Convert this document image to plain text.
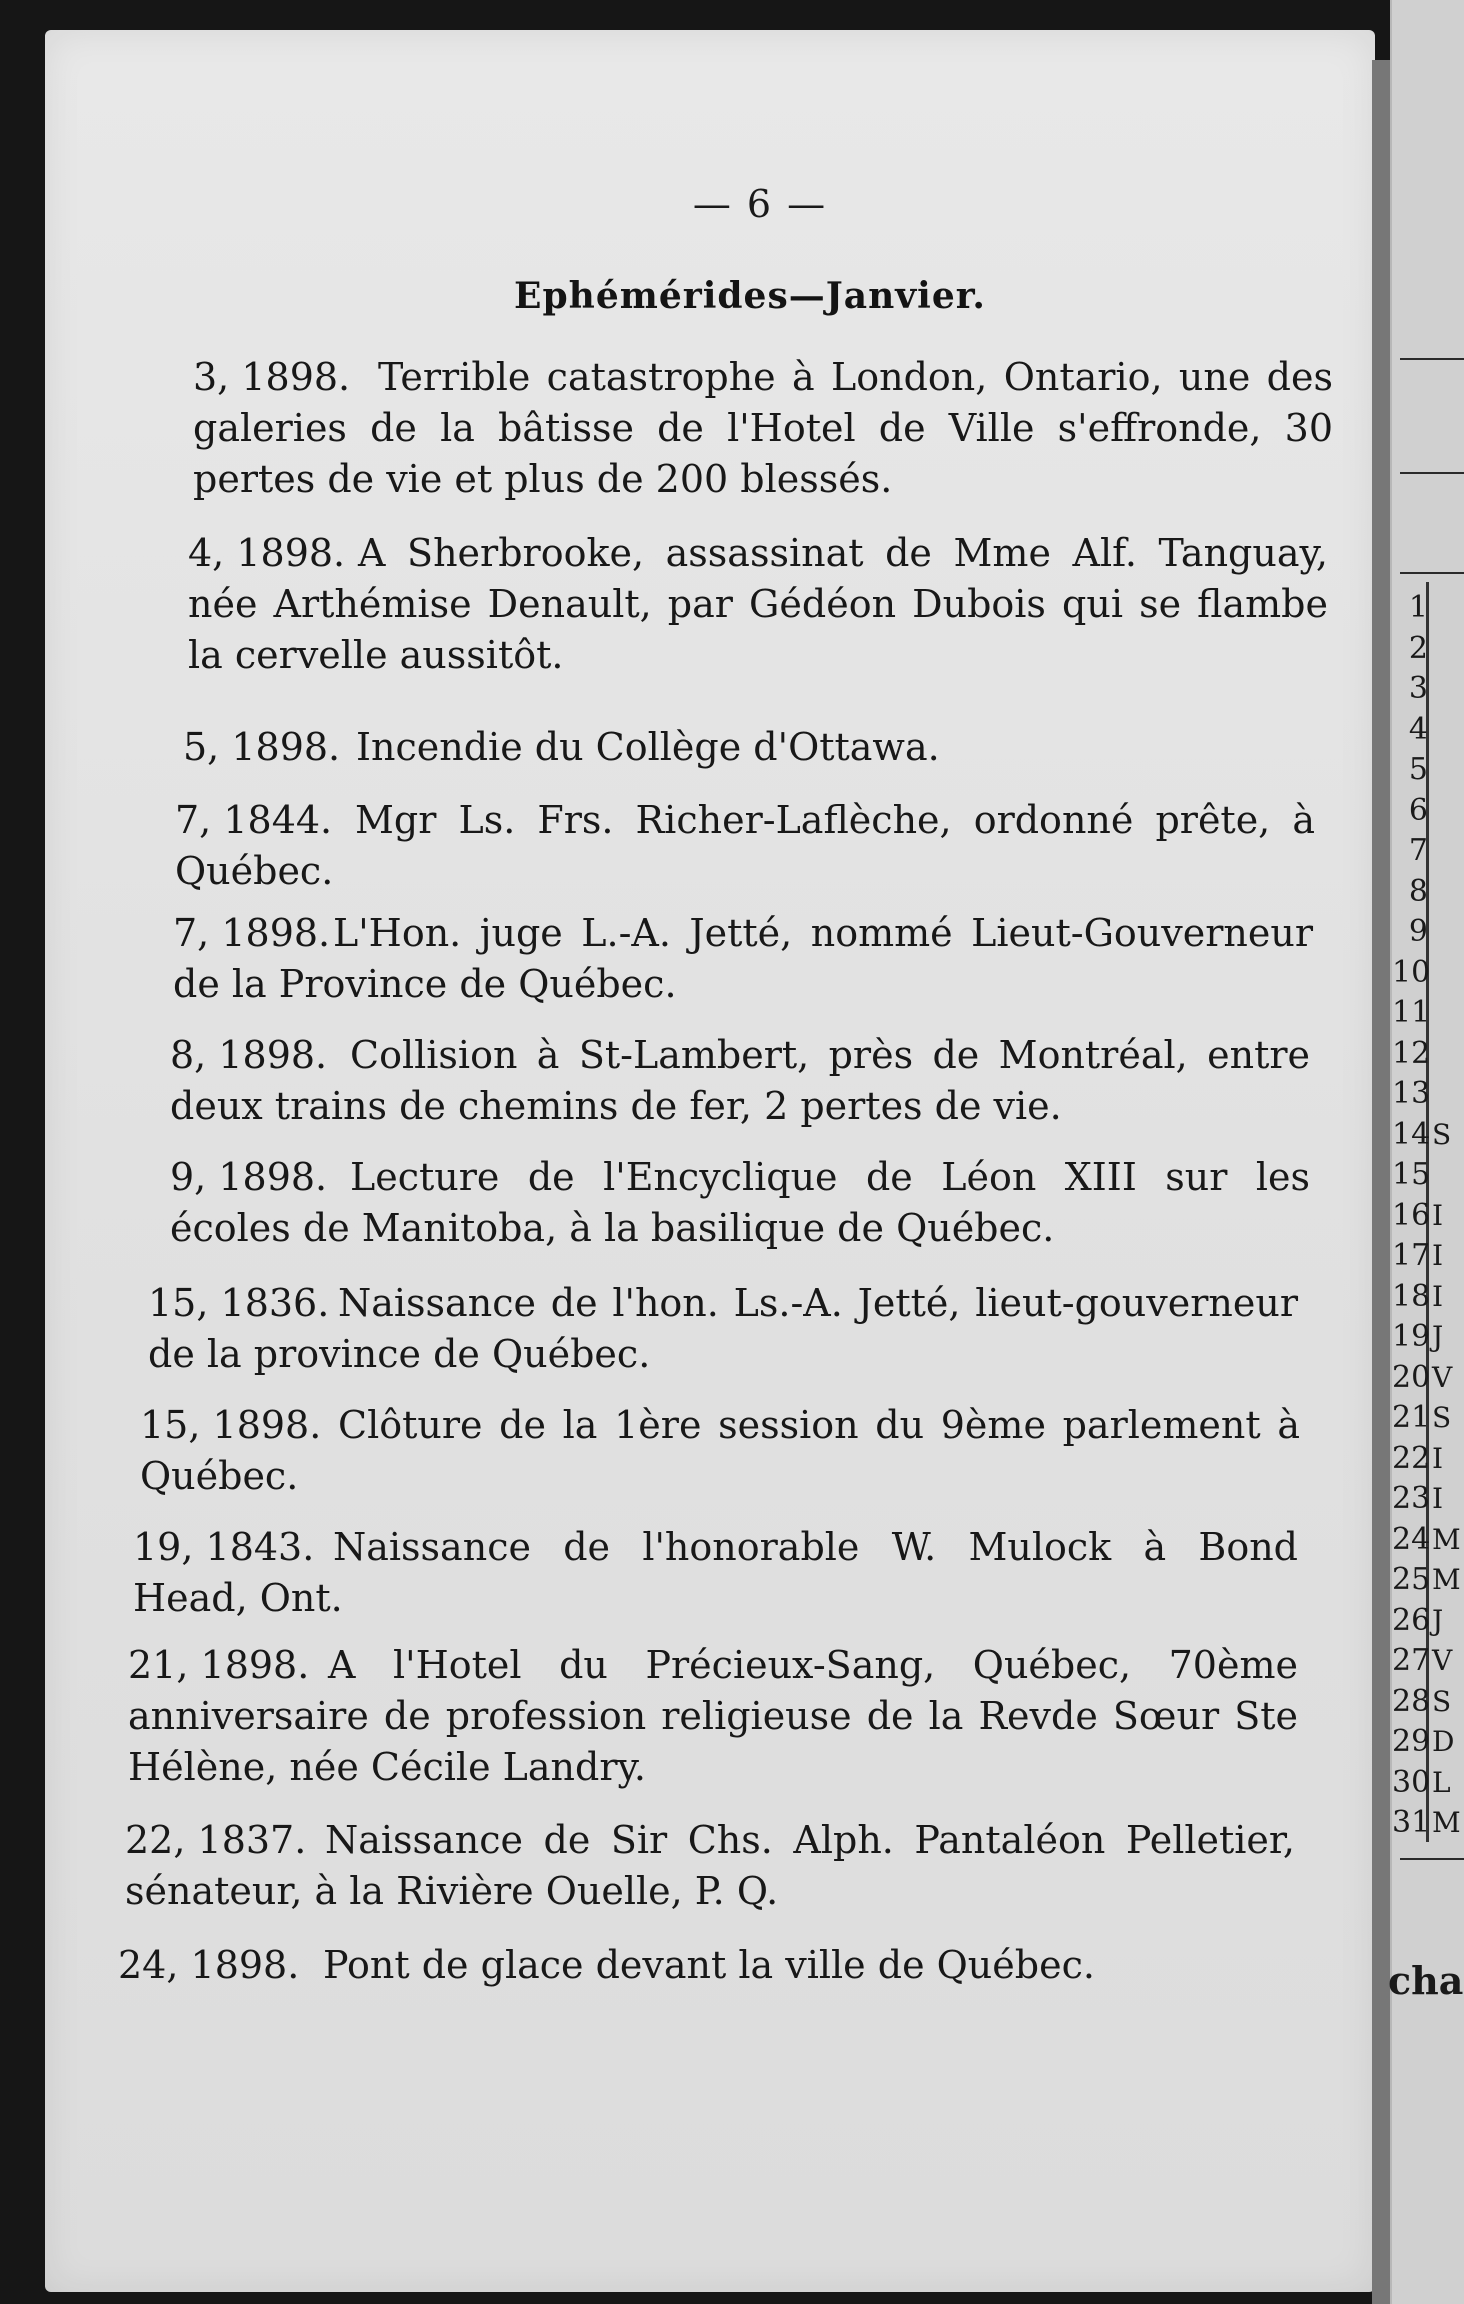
1
2
3
4
5
6
7
8
9
10
11
12
13
14
15
16
17
18
19
20
21
22
23
24
25
26
27
28
29
30
31
S
I
I
I
J
V
S
I
I
M
M
J
V
S
D
L
M
cha
— 6 —
Ephémérides—Janvier.
3, 1898. Terrible catastrophe à London, Ontario, une des galeries de la bâtisse de l'Hotel de Ville s'effronde, 30 pertes de vie et plus de 200 blessés.

4, 1898. A Sherbrooke, assassinat de Mme Alf. Tanguay, née Arthémise Denault, par Gédéon Dubois qui se flambe la cervelle aussitôt.

5, 1898. Incendie du Collège d'Ottawa.

7, 1844. Mgr Ls. Frs. Richer-Laflèche, ordonné prête, à Québec.

7, 1898. L'Hon. juge L.-A. Jetté, nommé Lieut-Gouverneur de la Province de Québec.

8, 1898. Collision à St-Lambert, près de Montréal, entre deux trains de chemins de fer, 2 pertes de vie.

9, 1898. Lecture de l'Encyclique de Léon XIII sur les écoles de Manitoba, à la basilique de Québec.

15, 1836. Naissance de l'hon. Ls.-A. Jetté, lieut-gouverneur de la province de Québec.

15, 1898. Clôture de la 1ère session du 9ème parlement à Québec.

19, 1843. Naissance de l'honorable W. Mulock à Bond Head, Ont.

21, 1898. A l'Hotel du Précieux-Sang, Québec, 70ème anniversaire de profession religieuse de la Revde Sœur Ste Hélène, née Cécile Landry.

22, 1837. Naissance de Sir Chs. Alph. Pantaléon Pelletier, sénateur, à la Rivière Ouelle, P. Q.

24, 1898. Pont de glace devant la ville de Québec.
